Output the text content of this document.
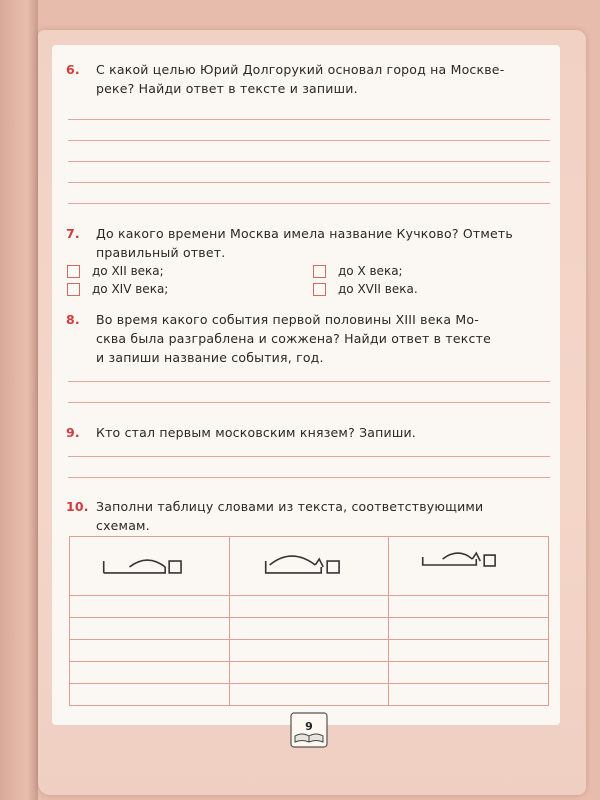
6. С какой целью Юрий Долгорукий основал город на Москве-
реке? Найди ответ в тексте и запиши.
7. До какого времени Москва имела название Кучково? Отметь
правильный ответ.
до XII века;	до X века;
до XIV века;	до XVII века.
8. Во время какого события первой половины XIII века Мо-
сква была разграблена и сожжена? Найди ответ в тексте
и запиши название события, год.
9. Кто стал первым московским князем? Запиши.
10. Заполни таблицу словами из текста, соответствующими
схемам.

9
